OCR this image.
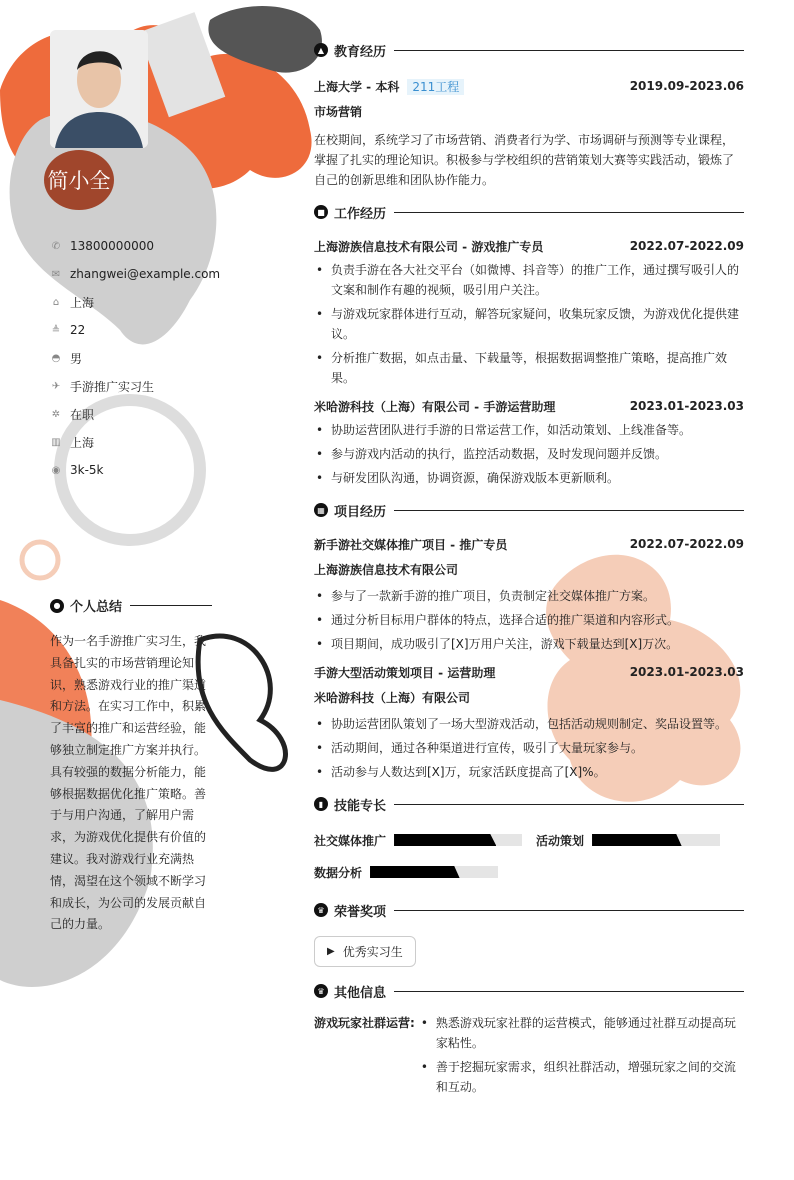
简小全
✆ 13800000000
✉ zhangwei@example.com
⌂ 上海
≜ 22
◓ 男
✈ 手游推广实习生
✲ 在职
▥ 上海
◉ 3k-5k
● 个人总结
作为一名手游推广实习生，我具备扎实的市场营销理论知识，熟悉游戏行业的推广渠道和方法。在实习工作中，积累了丰富的推广和运营经验，能够独立制定推广方案并执行。具有较强的数据分析能力，能够根据数据优化推广策略。善于与用户沟通，了解用户需求，为游戏优化提供有价值的建议。我对游戏行业充满热情，渴望在这个领域不断学习和成长，为公司的发展贡献自己的力量。
▲ 教育经历
上海大学 - 本科 211工程	2019.09-2023.06
市场营销
在校期间，系统学习了市场营销、消费者行为学、市场调研与预测等专业课程，掌握了扎实的理论知识。积极参与学校组织的营销策划大赛等实践活动，锻炼了自己的创新思维和团队协作能力。
■ 工作经历
上海游族信息技术有限公司 - 游戏推广专员	2022.07-2022.09
• 负责手游在各大社交平台（如微博、抖音等）的推广工作，通过撰写吸引人的文案和制作有趣的视频，吸引用户关注。
• 与游戏玩家群体进行互动，解答玩家疑问，收集玩家反馈，为游戏优化提供建议。
• 分析推广数据，如点击量、下载量等，根据数据调整推广策略，提高推广效果。
米哈游科技（上海）有限公司 - 手游运营助理	2023.01-2023.03
• 协助运营团队进行手游的日常运营工作，如活动策划、上线准备等。
• 参与游戏内活动的执行，监控活动数据，及时发现问题并反馈。
• 与研发团队沟通，协调资源，确保游戏版本更新顺利。
▦ 项目经历
新手游社交媒体推广项目 - 推广专员	2022.07-2022.09
上海游族信息技术有限公司
• 参与了一款新手游的推广项目，负责制定社交媒体推广方案。
• 通过分析目标用户群体的特点，选择合适的推广渠道和内容形式。
• 项目期间，成功吸引了[X]万用户关注，游戏下载量达到[X]万次。
手游大型活动策划项目 - 运营助理	2023.01-2023.03
米哈游科技（上海）有限公司
• 协助运营团队策划了一场大型游戏活动，包括活动规则制定、奖品设置等。
• 活动期间，通过各种渠道进行宣传，吸引了大量玩家参与。
• 活动参与人数达到[X]万，玩家活跃度提高了[X]%。
▮ 技能专长
社交媒体推广	活动策划
数据分析
♛ 荣誉奖项
▶ 优秀实习生
♛ 其他信息
游戏玩家社群运营:	• 熟悉游戏玩家社群的运营模式，能够通过社群互动提高玩家粘性。
• 善于挖掘玩家需求，组织社群活动，增强玩家之间的交流和互动。
